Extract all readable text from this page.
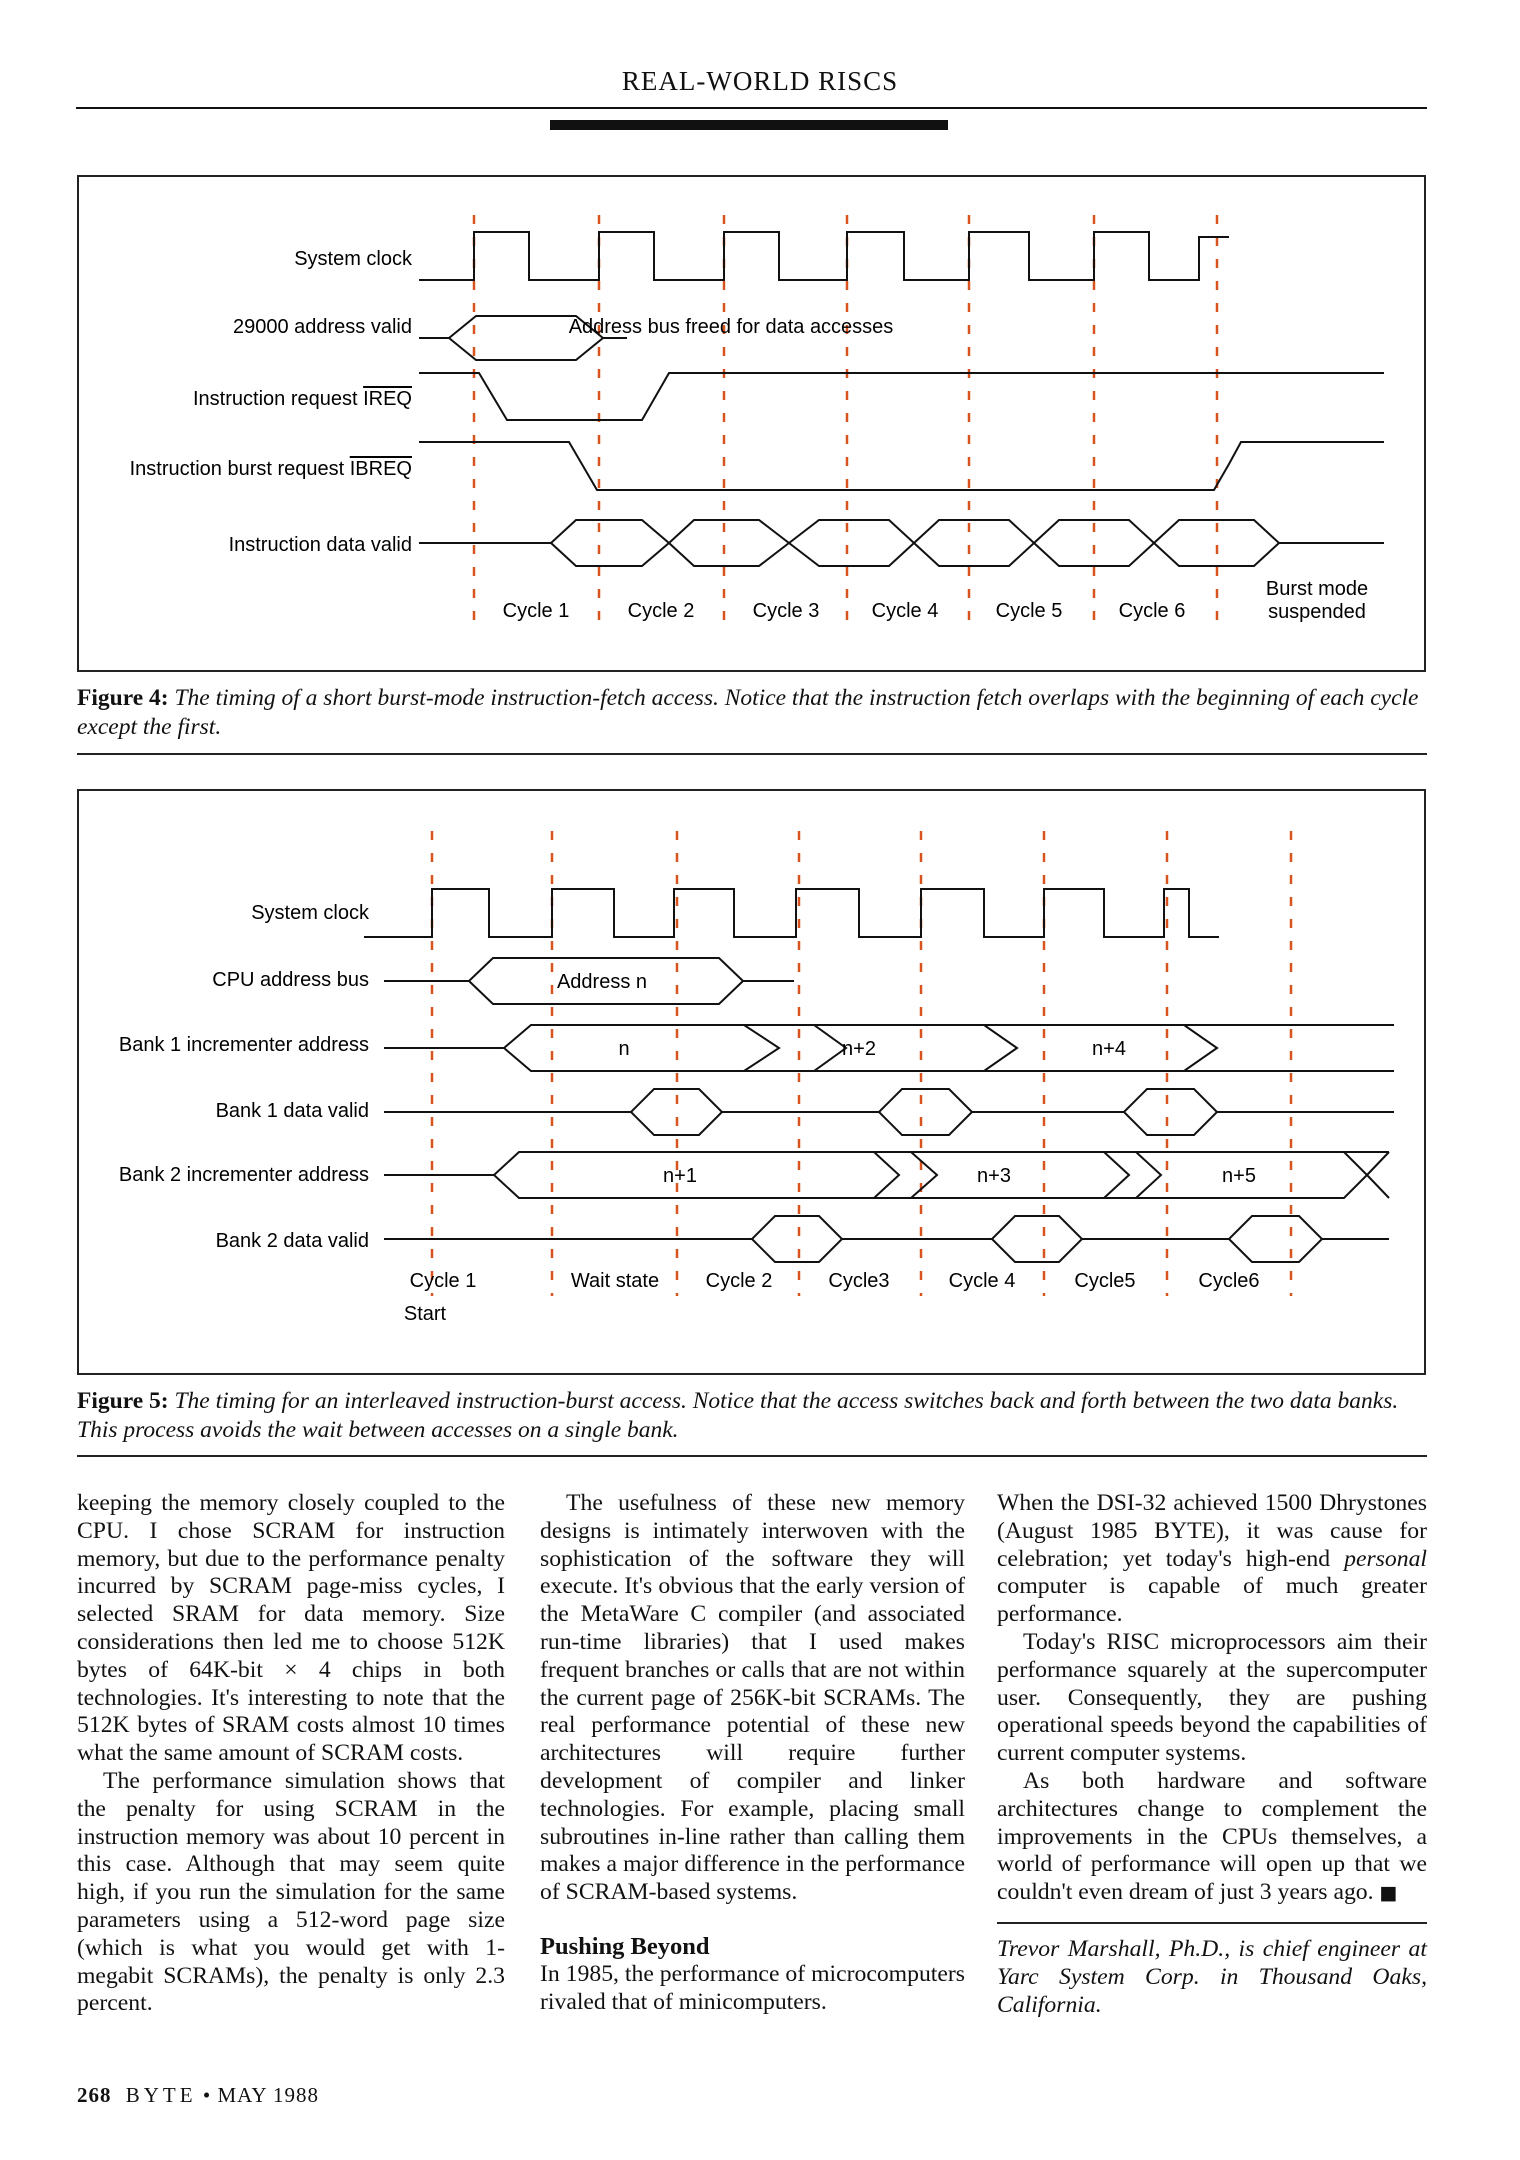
REAL-WORLD RISCS
System clock
29000 address valid
Instruction request IREQ
Instruction burst request IBREQ
Instruction data valid
Address bus freed for data accesses
Cycle 1	Cycle 2	Cycle 3	Cycle 4	Cycle 5	Cycle 6
Burst mode
suspended
Figure 4: The timing of a short burst-mode instruction-fetch access. Notice that the instruction fetch overlaps with the beginning of each cycle except the first.
System clock
CPU address bus
Bank 1 incrementer address
Bank 1 data valid
Bank 2 incrementer address
Bank 2 data valid
Address n
n	n+2	n+4
n+1	n+3	n+5
Cycle 1	Wait state Cycle 2	Cycle3	Cycle 4	Cycle5	Cycle6
Start
Figure 5: The timing for an interleaved instruction-burst access. Notice that the access switches back and forth between the two data banks. This process avoids the wait between accesses on a single bank.

keeping the memory closely coupled to the CPU. I chose SCRAM for instruction memory, but due to the performance penalty incurred by SCRAM page-miss cycles, I selected SRAM for data memory. Size considerations then led me to choose 512K bytes of 64K-bit × 4 chips in both technologies. It's interesting to note that the 512K bytes of SRAM costs almost 10 times what the same amount of SCRAM costs.

The performance simulation shows that the penalty for using SCRAM in the instruction memory was about 10 percent in this case. Although that may seem quite high, if you run the simulation for the same parameters using a 512-word page size (which is what you would get with 1-megabit SCRAMs), the penalty is only 2.3 percent.

The usefulness of these new memory designs is intimately interwoven with the sophistication of the software they will execute. It's obvious that the early version of the MetaWare C compiler (and associated run-time libraries) that I used makes frequent branches or calls that are not within the current page of 256K-bit SCRAMs. The real performance potential of these new architectures will require further development of compiler and linker technologies. For example, placing small subroutines in-line rather than calling them makes a major difference in the performance of SCRAM-based systems.

Pushing Beyond

In 1985, the performance of microcomputers rivaled that of minicomputers.

When the DSI-32 achieved 1500 Dhrystones (August 1985 BYTE), it was cause for celebration; yet today's high-end personal computer is capable of much greater performance.

Today's RISC microprocessors aim their performance squarely at the supercomputer user. Consequently, they are pushing operational speeds beyond the capabilities of current computer systems.

As both hardware and software architectures change to complement the improvements in the CPUs themselves, a world of performance will open up that we couldn't even dream of just 3 years ago. ■

Trevor Marshall, Ph.D., is chief engineer at Yarc System Corp. in Thousand Oaks, California.

268 BYTE • MAY 1988
